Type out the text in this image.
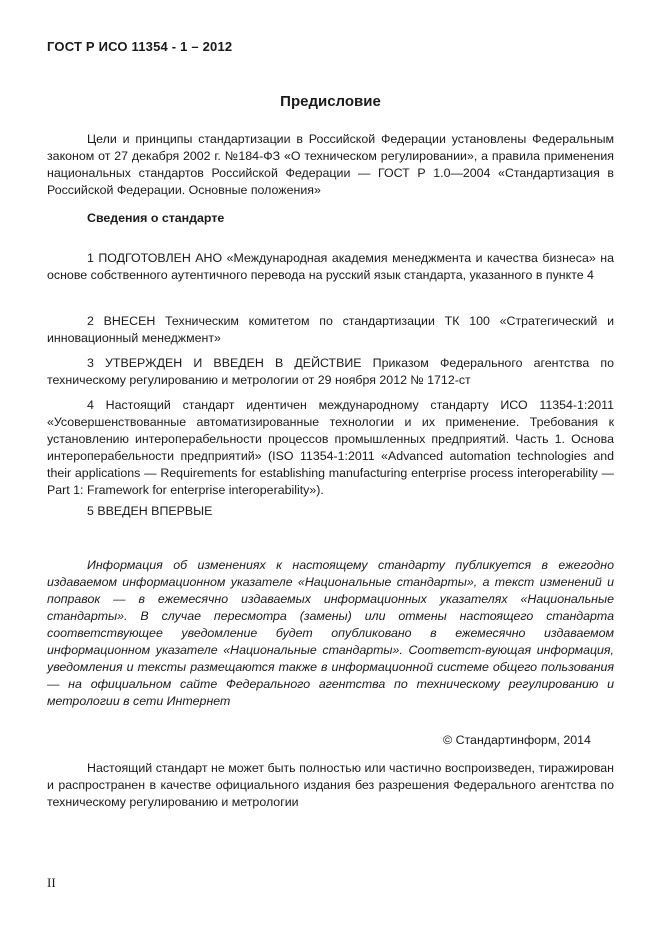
ГОСТ Р ИСО 11354 - 1 – 2012
Предисловие

Цели и принципы стандартизации в Российской Федерации установлены Федеральным законом от 27 декабря 2002 г. №184-ФЗ «О техническом регулировании», а правила применения национальных стандартов Российской Федерации — ГОСТ Р 1.0—2004 «Стандартизация в Российской Федерации. Основные положения»

Сведения о стандарте

1 ПОДГОТОВЛЕН АНО «Международная академия менеджмента и качества бизнеса» на основе собственного аутентичного перевода на русский язык стандарта, указанного в пункте 4

2 ВНЕСЕН Техническим комитетом по стандартизации ТК 100 «Стратегический и инновационный менеджмент»

3 УТВЕРЖДЕН И ВВЕДЕН В ДЕЙСТВИЕ Приказом Федерального агентства по техническому регулированию и метрологии от 29 ноября 2012 № 1712-ст

4 Настоящий стандарт идентичен международному стандарту ИСО 11354-1:2011 «Усовершенствованные автоматизированные технологии и их применение. Требования к установлению интероперабельности процессов промышленных предприятий. Часть 1. Основа интероперабельности предприятий» (ISO 11354-1:2011 «Advanced automation technologies and their applications — Requirements for establishing manufacturing enterprise process interoperability — Part 1: Framework for enterprise interoperability»).

5 ВВЕДЕН ВПЕРВЫЕ

Информация об изменениях к настоящему стандарту публикуется в ежегодно издаваемом информационном указателе «Национальные стандарты», а текст изменений и поправок — в ежемесячно издаваемых информационных указателях «Национальные стандарты». В случае пересмотра (замены) или отмены настоящего стандарта соответствующее уведомление будет опубликовано в ежемесячно издаваемом информационном указателе «Национальные стандарты». Соответст-вующая информация, уведомления и тексты размещаются также в информационной системе общего пользования — на официальном сайте Федерального агентства по техническому регулированию и метрологии в сети Интернет

© Стандартинформ, 2014

Настоящий стандарт не может быть полностью или частично воспроизведен, тиражирован и распространен в качестве официального издания без разрешения Федерального агентства по техническому регулированию и метрологии

II
